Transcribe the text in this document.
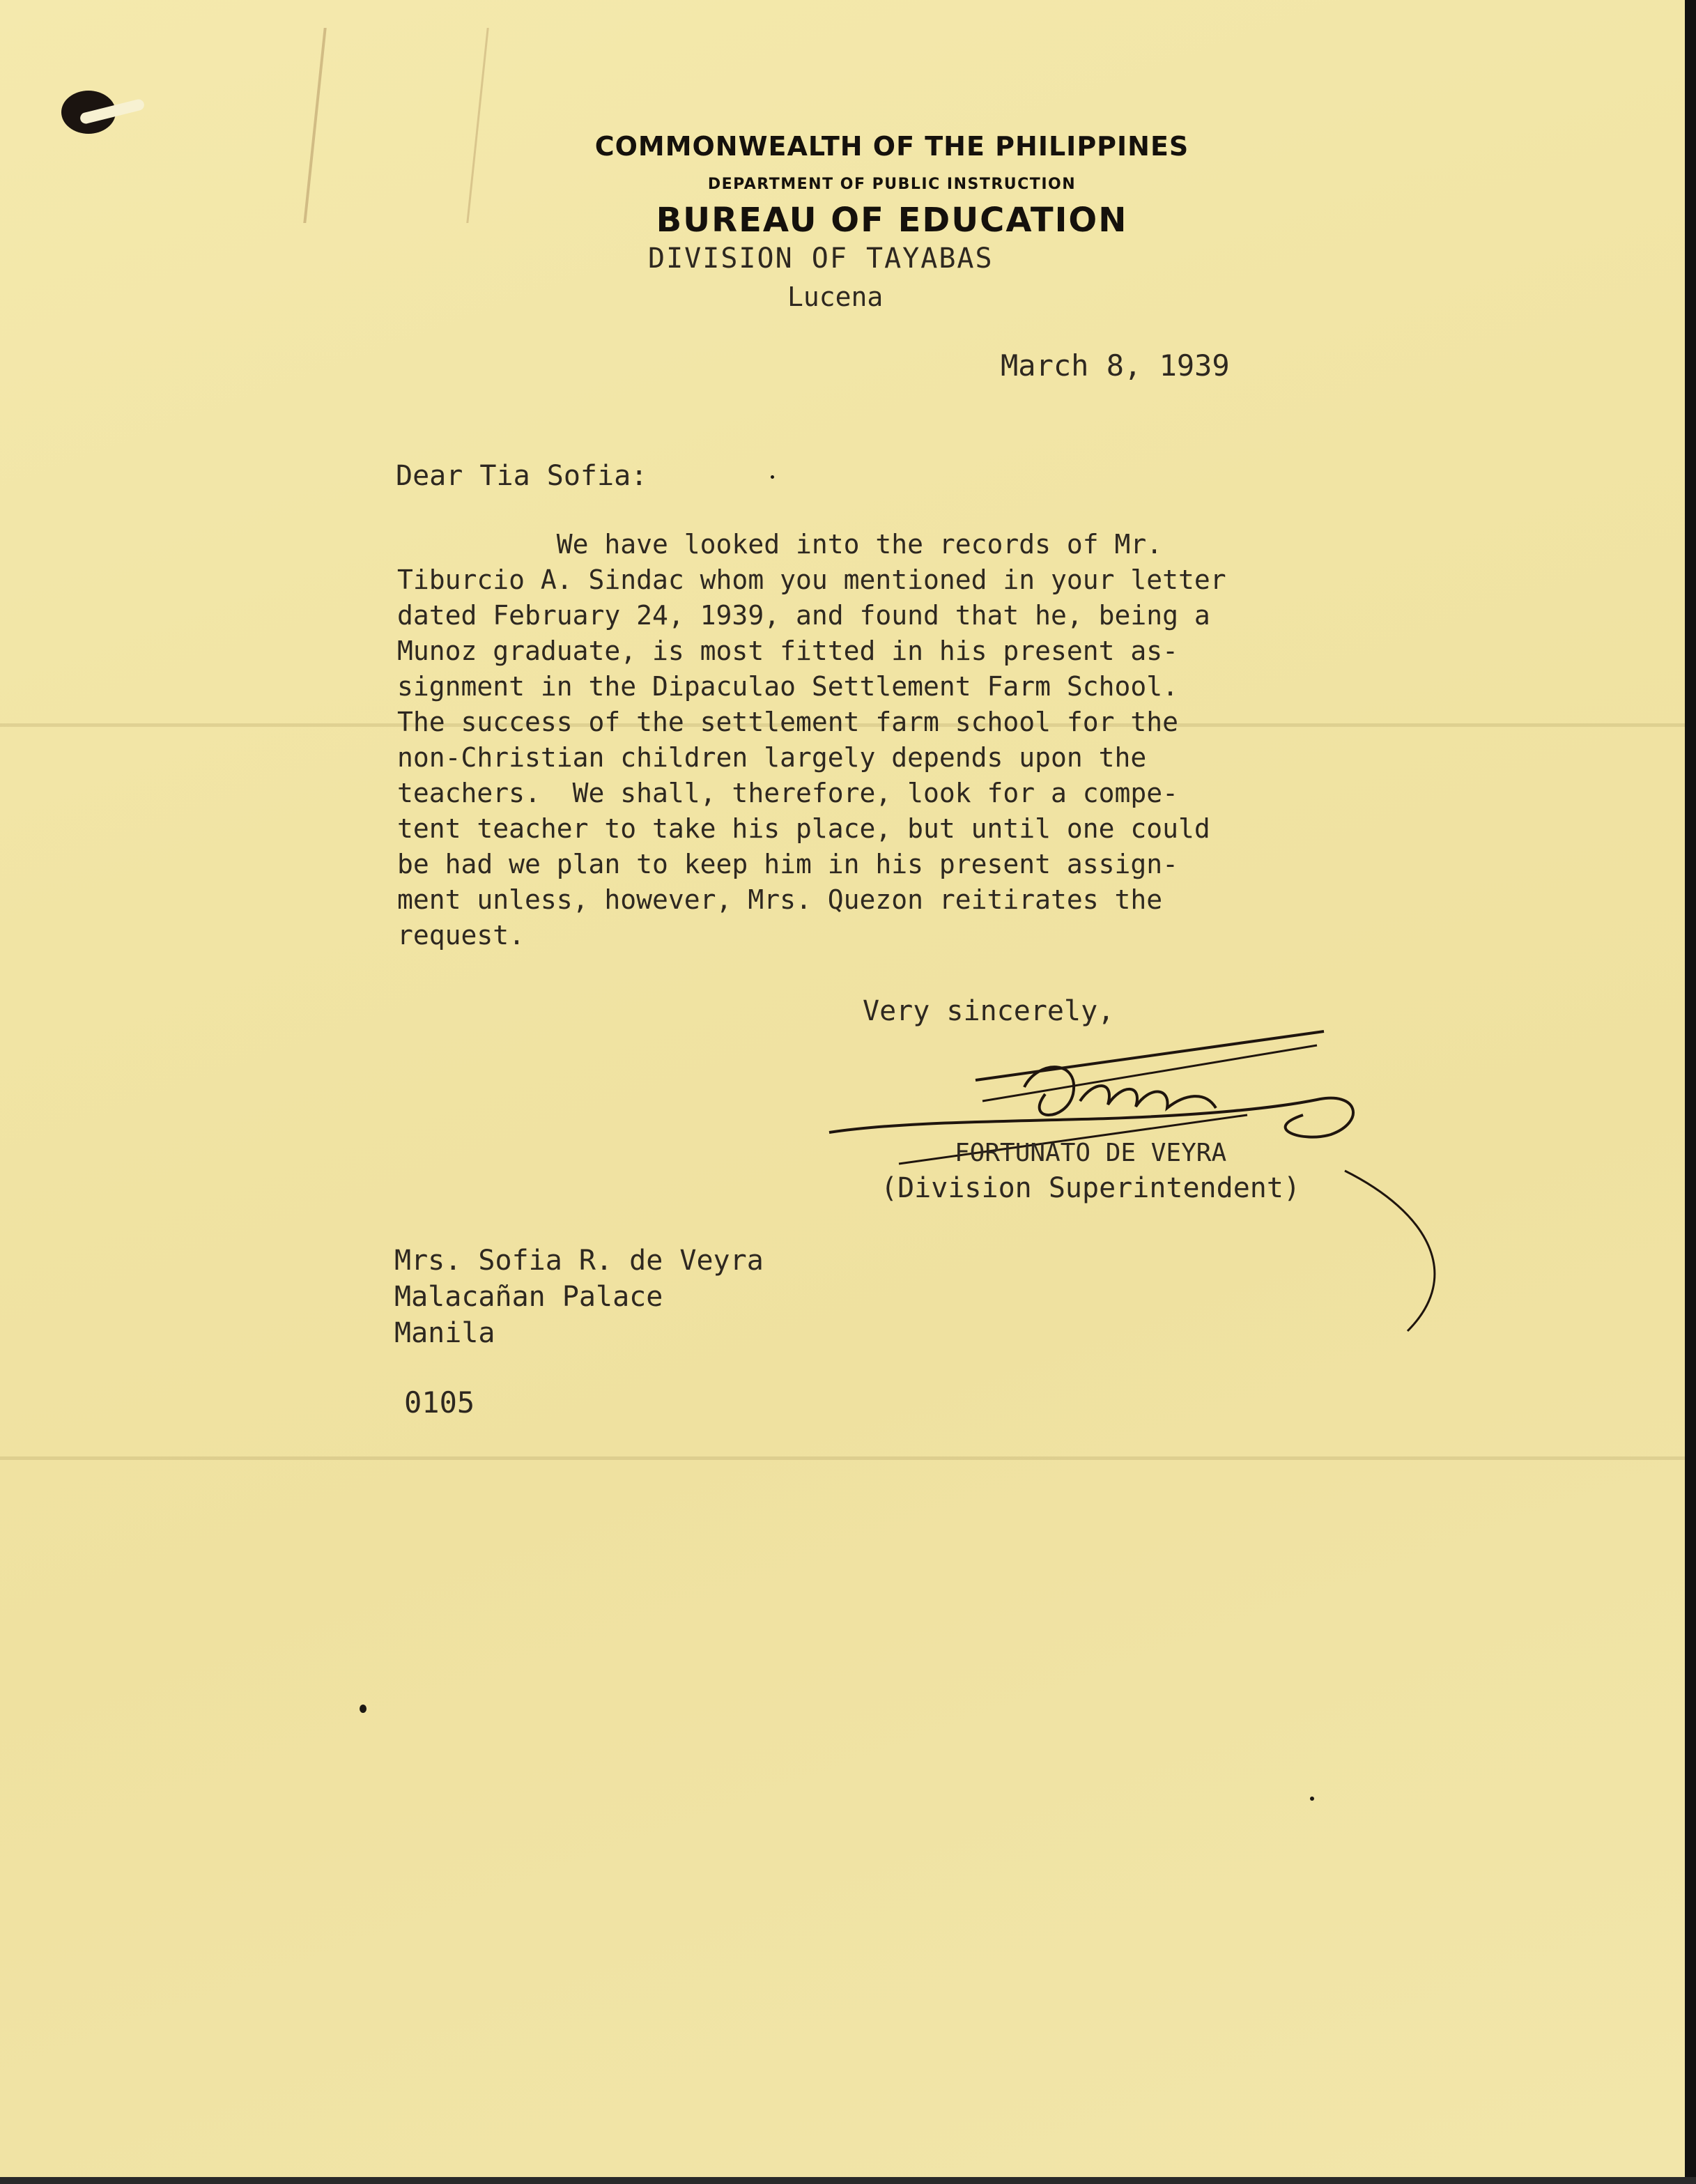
COMMONWEALTH OF THE PHILIPPINES
DEPARTMENT OF PUBLIC INSTRUCTION
BUREAU OF EDUCATION
DIVISION OF TAYABAS
Lucena
March 8, 1939
Dear Tia Sofia:
We have looked into the records of Mr.
Tiburcio A. Sindac whom you mentioned in your letter
dated February 24, 1939, and found that he, being a
Munoz graduate, is most fitted in his present as-
signment in the Dipaculao Settlement Farm School.
The success of the settlement farm school for the
non-Christian children largely depends upon the
teachers.  We shall, therefore, look for a compe-
tent teacher to take his place, but until one could
be had we plan to keep him in his present assign-
ment unless, however, Mrs. Quezon reitirates the
request.
Very sincerely,
FORTUNATO DE VEYRA
(Division Superintendent)
Mrs. Sofia R. de Veyra
Malacañan Palace
Manila
0105
